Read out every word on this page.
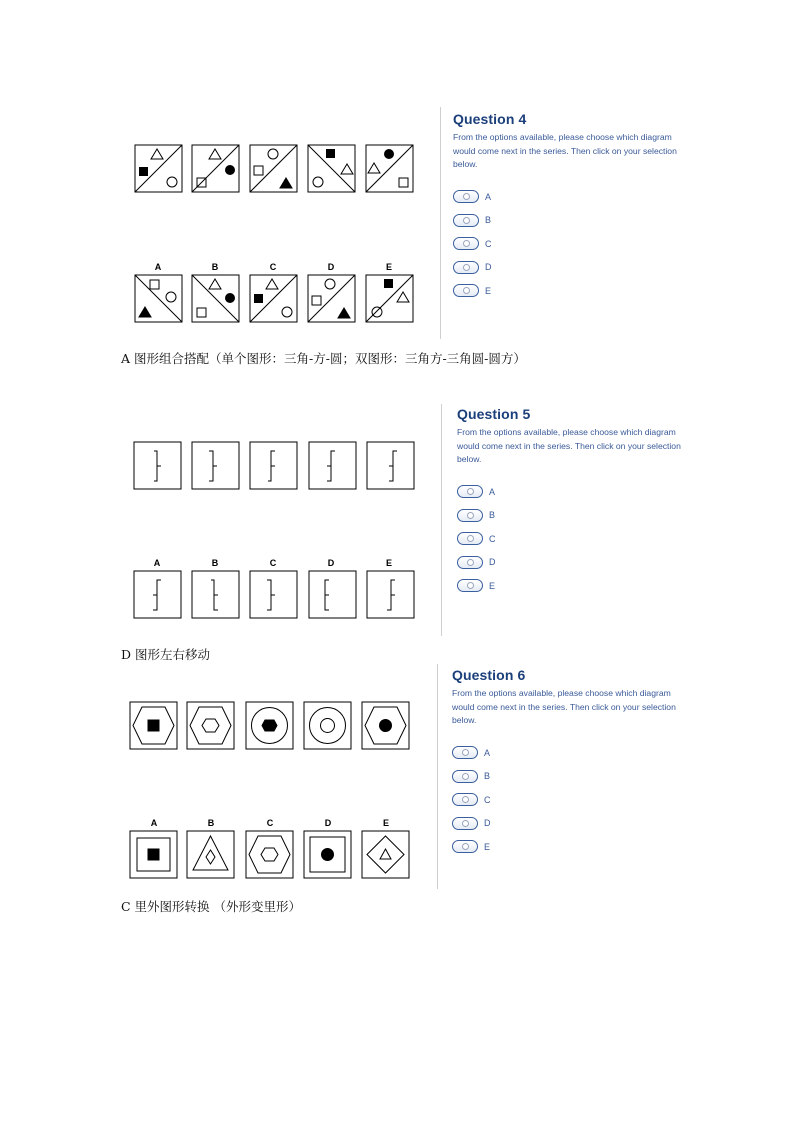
A	B	C	D	E
Question 4
From the options available, please choose which diagram would come next in the series. Then click on your selection below.
A
B
C
D
E
A 图形组合搭配（单个图形：三角-方-圆；双图形：三角方-三角圆-圆方）
A	B	C	D	E
Question 5
From the options available, please choose which diagram would come next in the series. Then click on your selection below.
A
B
C
D
E
D 图形左右移动
A	B	C	D	E
Question 6
From the options available, please choose which diagram would come next in the series. Then click on your selection below.
A
B
C
D
E
C 里外图形转换 （外形变里形）
